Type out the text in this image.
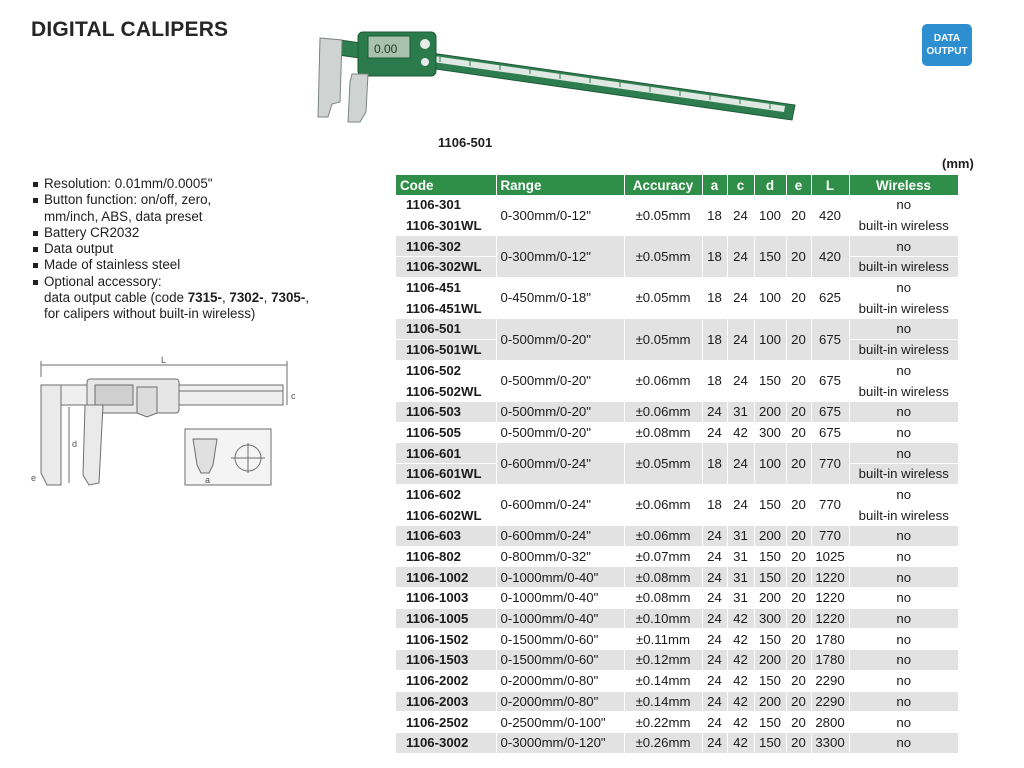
DIGITAL CALIPERS
0.00
DATA
OUTPUT
1106-501
Resolution: 0.01mm/0.0005"
Button function: on/off, zero,
mm/inch, ABS, data preset
Battery CR2032
Data output
Made of stainless steel
Optional accessory:
data output cable (code 7315-, 7302-, 7305-,
for calipers without built-in wireless)
L
c
d
e	a
(mm)
Code	Range	Accuracy	a	c	d	e	L	Wireless
1106-301	0-300mm/0-12"	±0.05mm	18	24	100	20	420	no
1106-301WL								built-in wireless
1106-302	0-300mm/0-12"	±0.05mm	18	24	150	20	420	no
1106-302WL								built-in wireless
1106-451	0-450mm/0-18"	±0.05mm	18	24	100	20	625	no
1106-451WL								built-in wireless
1106-501	0-500mm/0-20"	±0.05mm	18	24	100	20	675	no
1106-501WL								built-in wireless
1106-502	0-500mm/0-20"	±0.06mm	18	24	150	20	675	no
1106-502WL								built-in wireless
1106-503	0-500mm/0-20"	±0.06mm	24	31	200	20	675	no
1106-505	0-500mm/0-20"	±0.08mm	24	42	300	20	675	no
1106-601	0-600mm/0-24"	±0.05mm	18	24	100	20	770	no
1106-601WL								built-in wireless
1106-602	0-600mm/0-24"	±0.06mm	18	24	150	20	770	no
1106-602WL								built-in wireless
1106-603	0-600mm/0-24"	±0.06mm	24	31	200	20	770	no
1106-802	0-800mm/0-32"	±0.07mm	24	31	150	20	1025	no
1106-1002	0-1000mm/0-40"	±0.08mm	24	31	150	20	1220	no
1106-1003	0-1000mm/0-40"	±0.08mm	24	31	200	20	1220	no
1106-1005	0-1000mm/0-40"	±0.10mm	24	42	300	20	1220	no
1106-1502	0-1500mm/0-60"	±0.11mm	24	42	150	20	1780	no
1106-1503	0-1500mm/0-60"	±0.12mm	24	42	200	20	1780	no
1106-2002	0-2000mm/0-80"	±0.14mm	24	42	150	20	2290	no
1106-2003	0-2000mm/0-80"	±0.14mm	24	42	200	20	2290	no
1106-2502	0-2500mm/0-100"	±0.22mm	24	42	150	20	2800	no
1106-3002	0-3000mm/0-120"	±0.26mm	24	42	150	20	3300	no
